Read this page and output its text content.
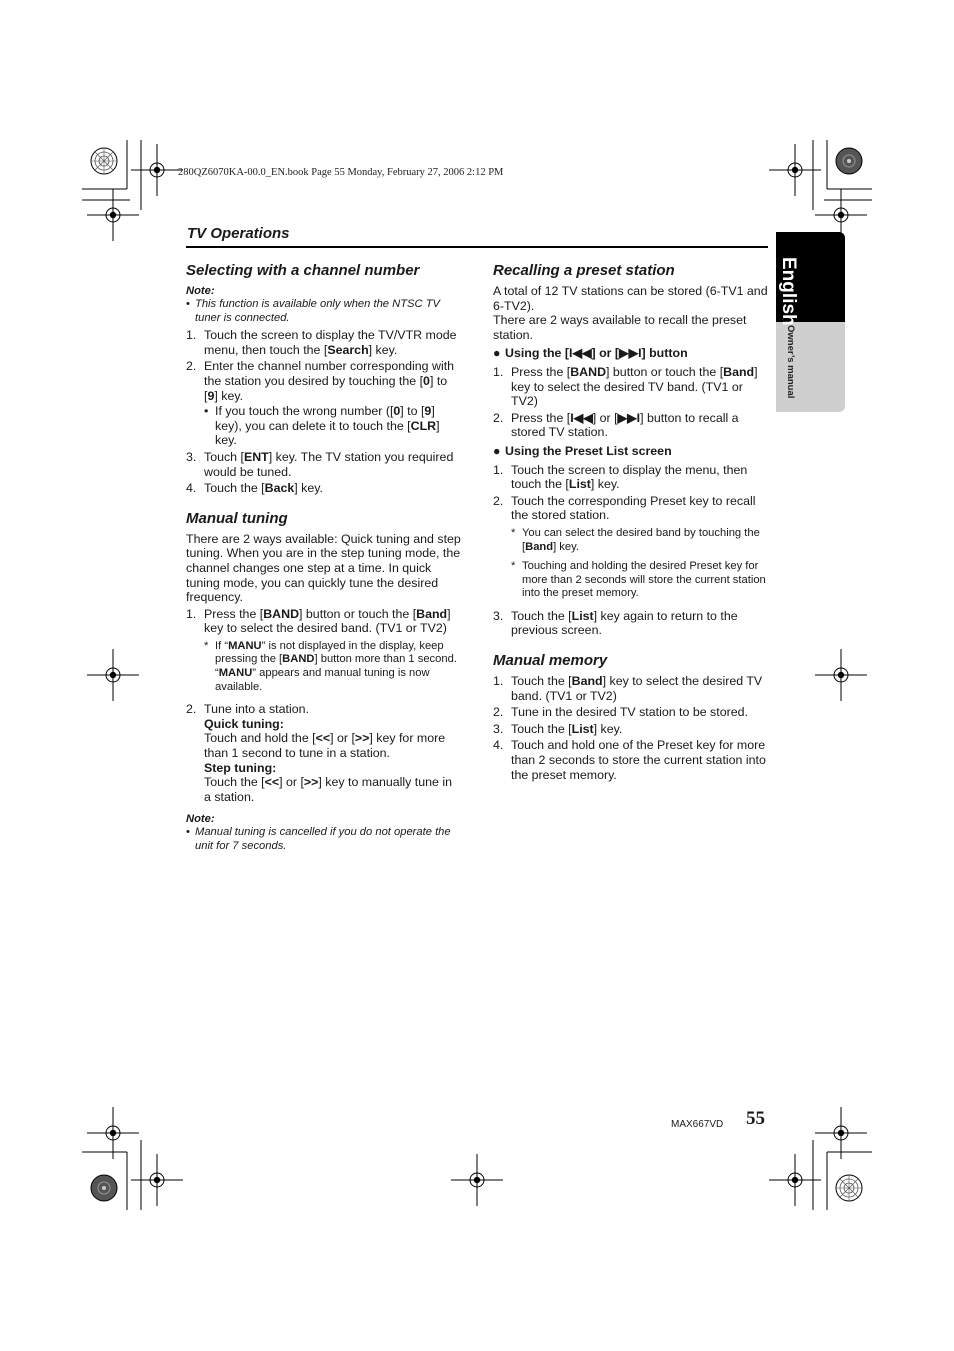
280QZ6070KA-00.0_EN.book Page 55 Monday, February 27, 2006 2:12 PM
TV Operations
English
Owner’s manual
Selecting with a channel number
Note:
• This function is available only when the NTSC TV tuner is connected.
1. Touch the screen to display the TV/VTR mode menu, then touch the [Search] key.
2. Enter the channel number corresponding with the station you desired by touching the [0] to [9] key.
• If you touch the wrong number ([0] to [9] key), you can delete it to touch the [CLR] key.
3. Touch [ENT] key. The TV station you required would be tuned.
4. Touch the [Back] key.
Manual tuning

There are 2 ways available: Quick tuning and step tuning. When you are in the step tuning mode, the channel changes one step at a time. In quick tuning mode, you can quickly tune the desired frequency.

1. Press the [BAND] button or touch the [Band] key to select the desired band. (TV1 or TV2)
* If “MANU” is not displayed in the display, keep pressing the [BAND] button more than 1 second. “MANU” appears and manual tuning is now available.
2. Tune into a station.
Quick tuning:
Touch and hold the [<<] or [>>] key for more than 1 second to tune in a station.
Step tuning:
Touch the [<<] or [>>] key to manually tune in a station.
Note:
• Manual tuning is cancelled if you do not operate the unit for 7 seconds.
Recalling a preset station

A total of 12 TV stations can be stored (6-TV1 and 6-TV2).

There are 2 ways available to recall the preset station.

● Using the [I◀◀] or [▶▶I] button
1. Press the [BAND] button or touch the [Band] key to select the desired TV band. (TV1 or TV2)
2. Press the [I◀◀] or [▶▶I] button to recall a stored TV station.
● Using the Preset List screen
1. Touch the screen to display the menu, then touch the [List] key.
2. Touch the corresponding Preset key to recall the stored station.
* You can select the desired band by touching the [Band] key.
* Touching and holding the desired Preset key for more than 2 seconds will store the current station into the preset memory.
3. Touch the [List] key again to return to the previous screen.
Manual memory
1. Touch the [Band] key to select the desired TV band. (TV1 or TV2)
2. Tune in the desired TV station to be stored.
3. Touch the [List] key.
4. Touch and hold one of the Preset key for more than 2 seconds to store the current station into the preset memory.
MAX667VD 55
